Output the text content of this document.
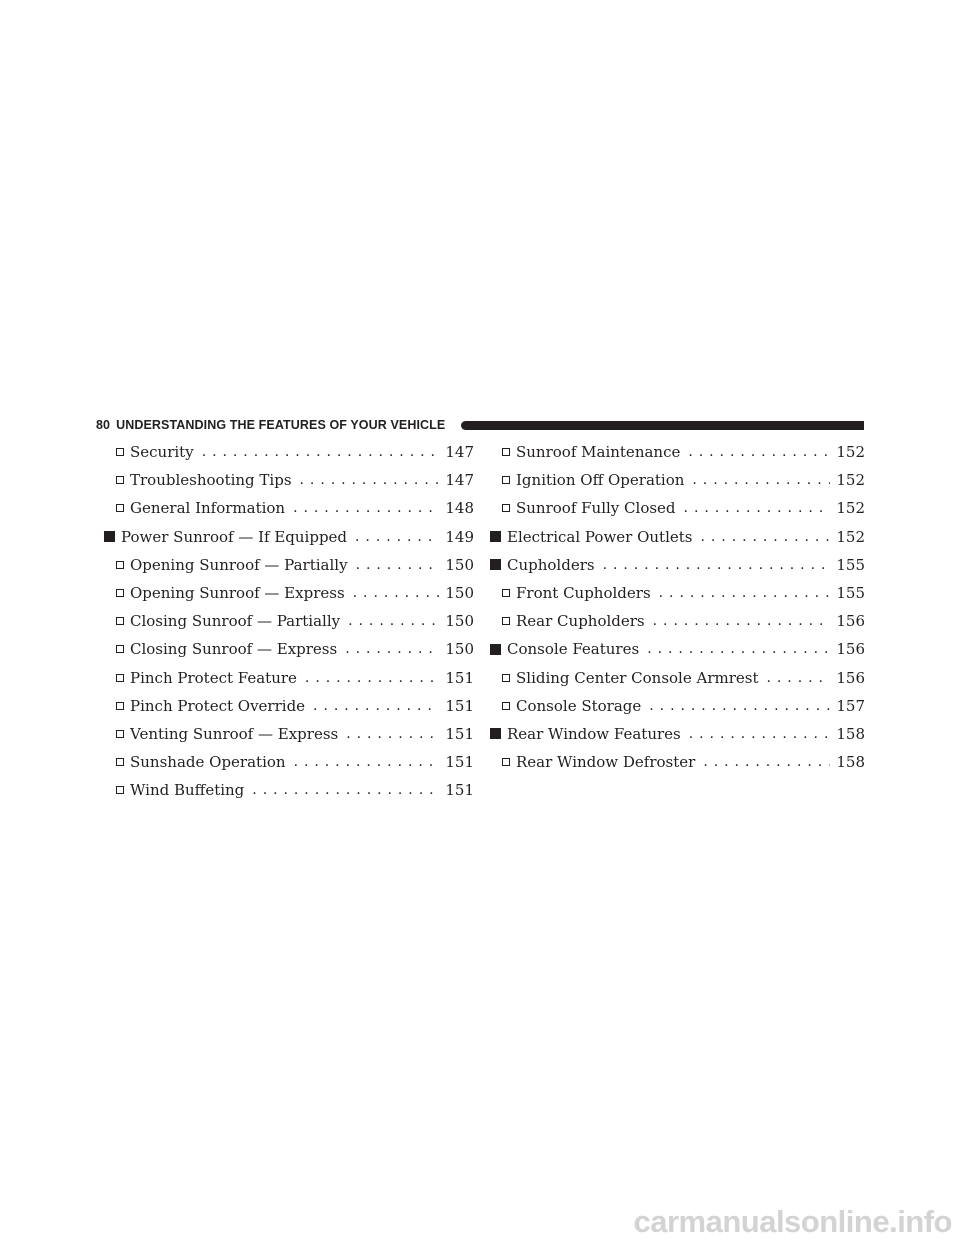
80 UNDERSTANDING THE FEATURES OF YOUR VEHICLE
Security . . .	147
Troubleshooting Tips . . .	147
General Information . . .	148
Power Sunroof — If Equipped . . .	149
Opening Sunroof — Partially . . .	150
Opening Sunroof — Express . . .	150
Closing Sunroof — Partially . . .	150
Closing Sunroof — Express . . .	150
Pinch Protect Feature . . .	151
Pinch Protect Override . . .	151
Venting Sunroof — Express . . .	151
Sunshade Operation . . .	151
Wind Buffeting . . .	151
Sunroof Maintenance . . .	152
Ignition Off Operation . . .	152
Sunroof Fully Closed . . .	152
Electrical Power Outlets . . .	152
Cupholders . . .	155
Front Cupholders . . .	155
Rear Cupholders . . .	156
Console Features . . .	156
Sliding Center Console Armrest . . .	156
Console Storage . . .	157
Rear Window Features . . .	158
Rear Window Defroster . . .	158
carmanualsonline.info
